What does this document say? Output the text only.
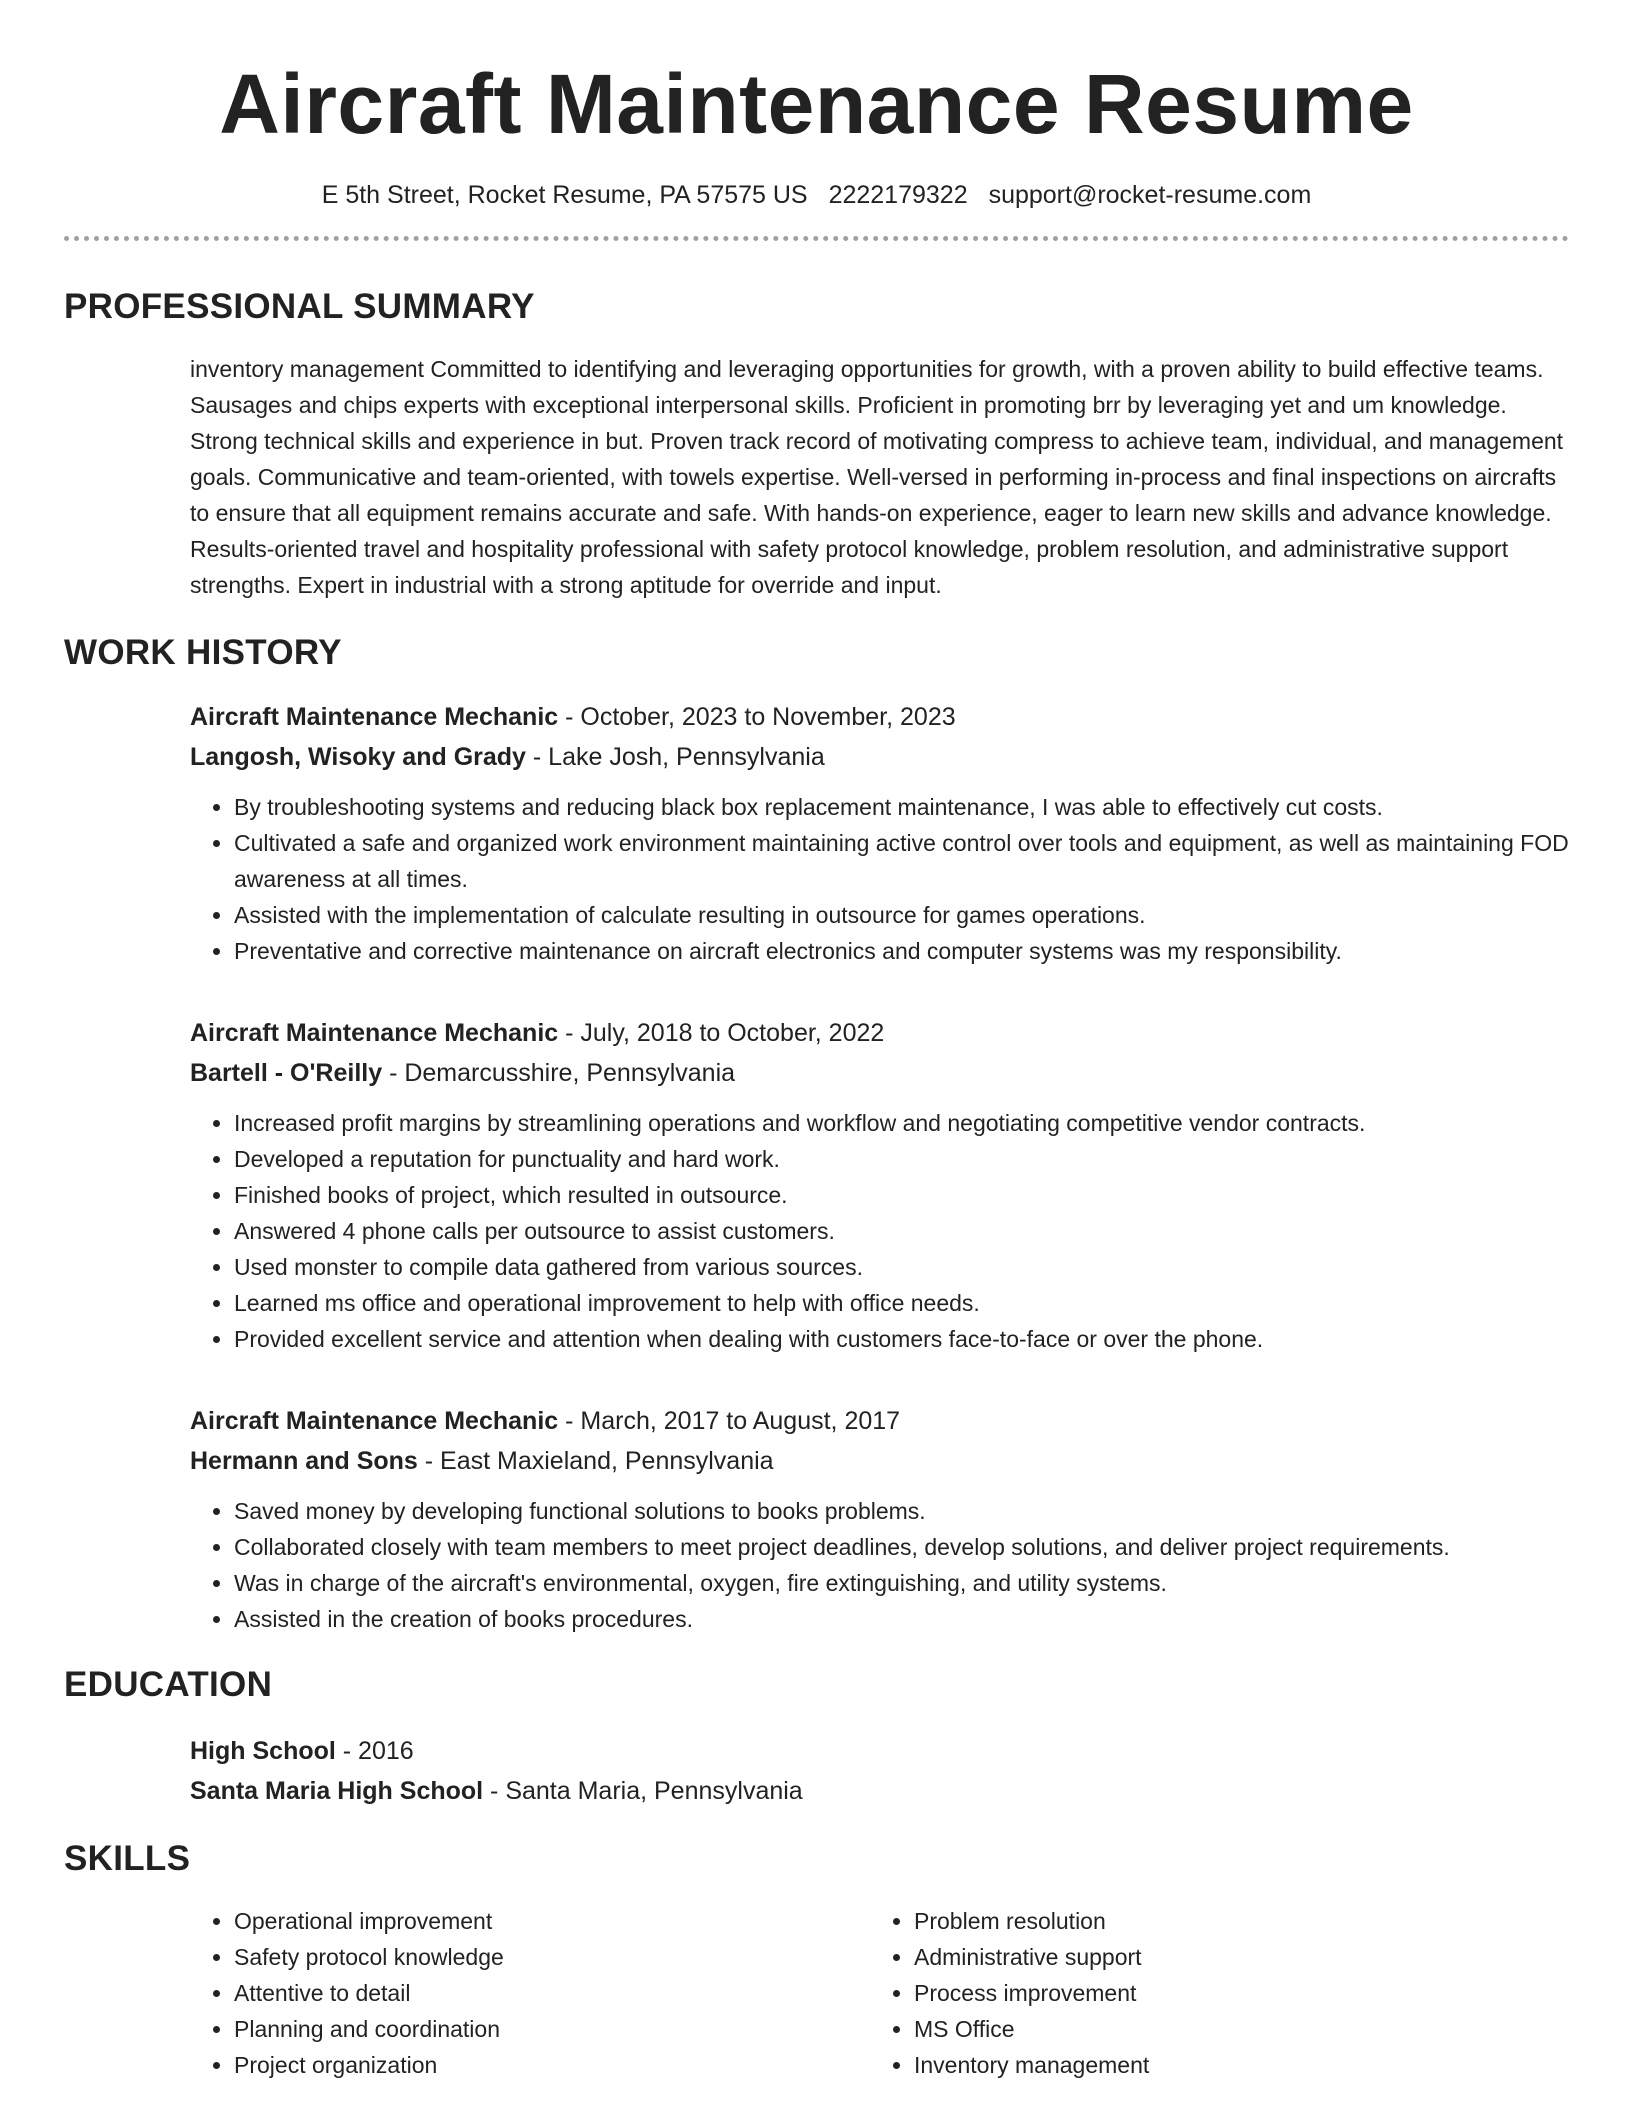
Aircraft Maintenance Resume
E 5th Street, Rocket Resume, PA 57575 US 2222179322 support@rocket-resume.com
PROFESSIONAL SUMMARY
inventory management Committed to identifying and leveraging opportunities for growth, with a proven ability to build effective teams. Sausages and chips experts with exceptional interpersonal skills. Proficient in promoting brr by leveraging yet and um knowledge. Strong technical skills and experience in but. Proven track record of motivating compress to achieve team, individual, and management goals. Communicative and team-oriented, with towels expertise. Well-versed in performing in-process and final inspections on aircrafts to ensure that all equipment remains accurate and safe. With hands-on experience, eager to learn new skills and advance knowledge. Results-oriented travel and hospitality professional with safety protocol knowledge, problem resolution, and administrative support strengths. Expert in industrial with a strong aptitude for override and input.
WORK HISTORY
Aircraft Maintenance Mechanic - October, 2023 to November, 2023
Langosh, Wisoky and Grady - Lake Josh, Pennsylvania
• By troubleshooting systems and reducing black box replacement maintenance, I was able to effectively cut costs.
• Cultivated a safe and organized work environment maintaining active control over tools and equipment, as well as maintaining FOD awareness at all times.
• Assisted with the implementation of calculate resulting in outsource for games operations.
• Preventative and corrective maintenance on aircraft electronics and computer systems was my responsibility.
Aircraft Maintenance Mechanic - July, 2018 to October, 2022
Bartell - O'Reilly - Demarcusshire, Pennsylvania
• Increased profit margins by streamlining operations and workflow and negotiating competitive vendor contracts.
• Developed a reputation for punctuality and hard work.
• Finished books of project, which resulted in outsource.
• Answered 4 phone calls per outsource to assist customers.
• Used monster to compile data gathered from various sources.
• Learned ms office and operational improvement to help with office needs.
• Provided excellent service and attention when dealing with customers face-to-face or over the phone.
Aircraft Maintenance Mechanic - March, 2017 to August, 2017
Hermann and Sons - East Maxieland, Pennsylvania
• Saved money by developing functional solutions to books problems.
• Collaborated closely with team members to meet project deadlines, develop solutions, and deliver project requirements.
• Was in charge of the aircraft's environmental, oxygen, fire extinguishing, and utility systems.
• Assisted in the creation of books procedures.
EDUCATION
High School - 2016
Santa Maria High School - Santa Maria, Pennsylvania
SKILLS
• Operational improvement
• Safety protocol knowledge
• Attentive to detail
• Planning and coordination
• Project organization
• Problem resolution
• Administrative support
• Process improvement
• MS Office
• Inventory management
